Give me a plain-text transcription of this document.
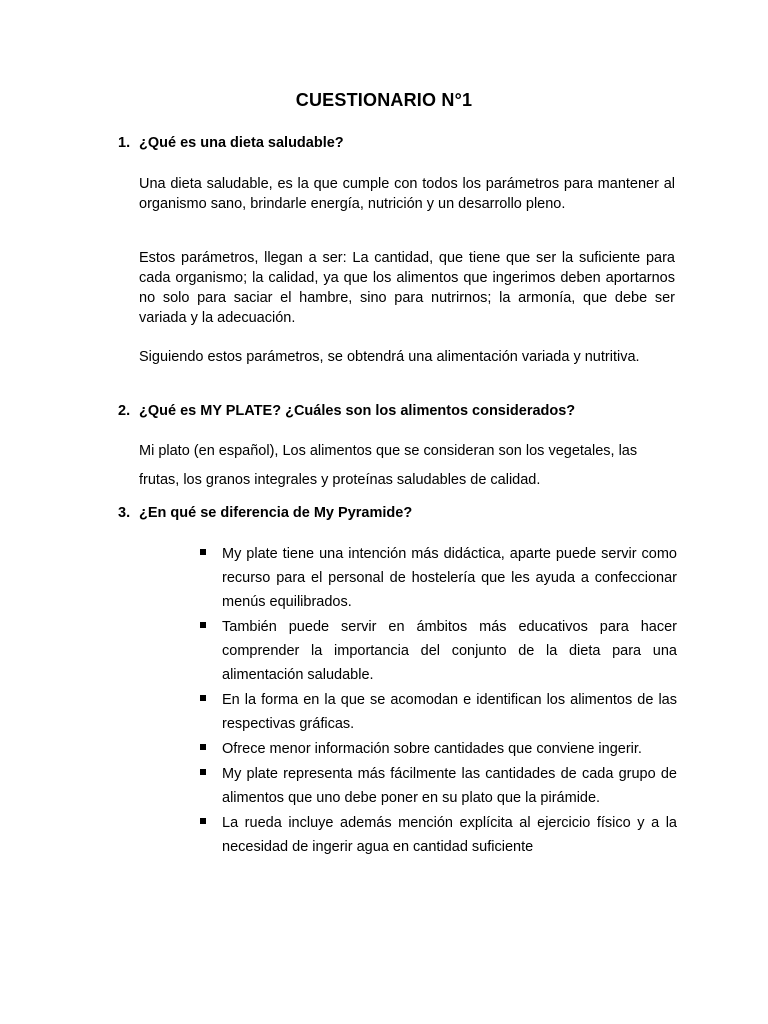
CUESTIONARIO N°1

1. ¿Qué es una dieta saludable?

Una dieta saludable, es la que cumple con todos los parámetros para mantener al organismo sano, brindarle energía, nutrición y un desarrollo pleno.

Estos parámetros, llegan a ser: La cantidad, que tiene que ser la suficiente para cada organismo; la calidad, ya que los alimentos que ingerimos deben aportarnos no solo para saciar el hambre, sino para nutrirnos; la armonía, que debe ser variada y la adecuación.

Siguiendo estos parámetros, se obtendrá una alimentación variada y nutritiva.

2. ¿Qué es MY PLATE? ¿Cuáles son los alimentos considerados?

Mi plato (en español), Los alimentos que se consideran son los vegetales, las frutas, los granos integrales y proteínas saludables de calidad.

3. ¿En qué se diferencia de My Pyramide?

My plate tiene una intención más didáctica, aparte puede servir como recurso para el personal de hostelería que les ayuda a confeccionar menús equilibrados.
También puede servir en ámbitos más educativos para hacer comprender la importancia del conjunto de la dieta para una alimentación saludable.
En la forma en la que se acomodan e identifican los alimentos de las respectivas gráficas.
Ofrece menor información sobre cantidades que conviene ingerir.
My plate representa más fácilmente las cantidades de cada grupo de alimentos que uno debe poner en su plato que la pirámide.
La rueda incluye además mención explícita al ejercicio físico y a la necesidad de ingerir agua en cantidad suficiente
